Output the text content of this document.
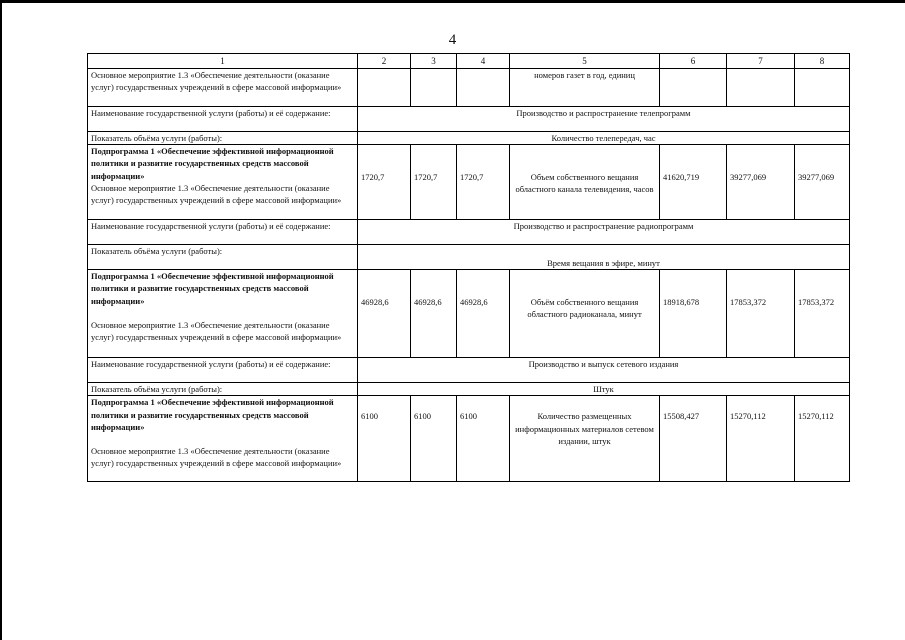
4
1	2	3	4	5	6	7	8
Основное мероприятие 1.3 «Обеспечение деятельности (оказание услуг) государственных учреждений в сфере массовой информации»				номеров газет в год, единиц			
Наименование государственной услуги (работы) и её содержание:	Производство и распространение телепрограмм						
Показатель объёма услуги (работы):	Количество телепередач, час						

Подпрограмма 1 «Обеспечение эффективной информационной политики и развитие государственных средств массовой информации»
Основное мероприятие 1.3 «Обеспечение деятельности (оказание услуг) государственных учреждений в сфере массовой информации»	1720,7	1720,7	1720,7	Объем собственного вещания областного канала телевидения, часов	41620,719	39277,069	39277,069
Наименование государственной услуги (работы) и её содержание:	Производство и распространение радиопрограмм						
Показатель объёма услуги (работы):	Время вещания в эфире, минут						

Подпрограмма 1 «Обеспечение эффективной информационной политики и развитие государственных средств массовой информации»
Основное мероприятие 1.3 «Обеспечение деятельности (оказание услуг) государственных учреждений в сфере массовой информации»	46928,6	46928,6	46928,6	Объём собственного вещания областного радиоканала, минут	18918,678	17853,372	17853,372
Наименование государственной услуги (работы) и её содержание:	Производство и выпуск сетевого издания						
Показатель объёма услуги (работы):	Штук						

Подпрограмма 1 «Обеспечение эффективной информационной политики и развитие государственных средств массовой информации»
Основное мероприятие 1.3 «Обеспечение деятельности (оказание услуг) государственных учреждений в сфере массовой информации»	6100	6100	6100	Количество размещенных информационных материалов сетевом издании, штук	15508,427	15270,112	15270,112
